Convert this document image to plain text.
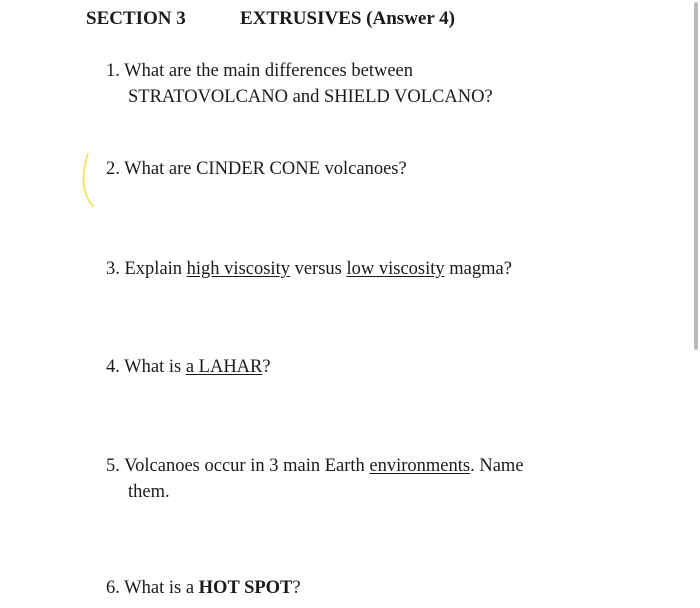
SECTION 3	EXTRUSIVES (Answer 4)
1. What are the main differences between
STRATOVOLCANO and SHIELD VOLCANO?
2. What are CINDER CONE volcanoes?
3. Explain high viscosity versus low viscosity magma?
4. What is a LAHAR?
5. Volcanoes occur in 3 main Earth environments. Name
them.
6. What is a HOT SPOT?
